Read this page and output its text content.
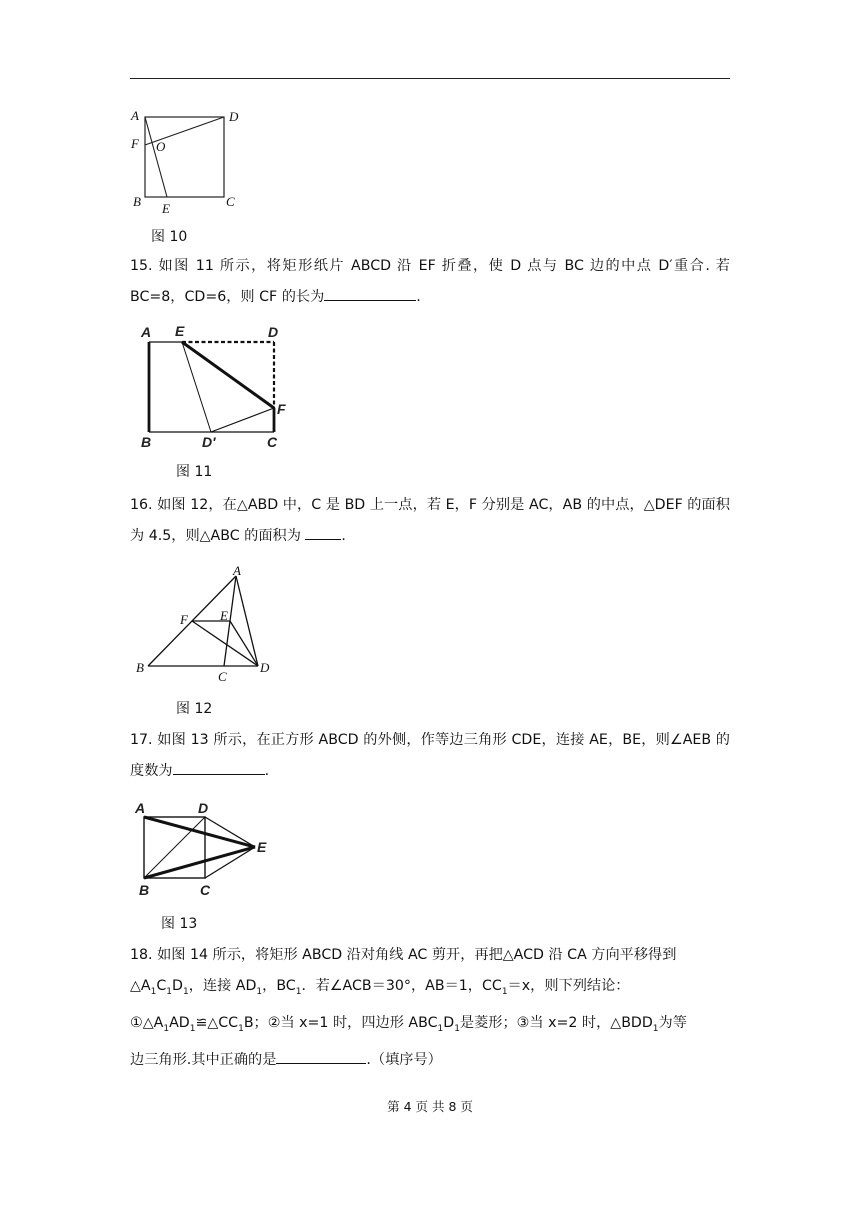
A	D
F O
B E	C
图 10
15. 如图 11 所示，将矩形纸片 ABCD 沿 EF 折叠，使 D 点与 BC 边的中点 D′重合. 若 BC=8，CD=6，则 CF 的长为	.
A E	D
F
B	D′	C
图 11
16. 如图 12，在△ABD 中，C 是 BD 上一点，若 E，F 分别是 AC，AB 的中点，△DEF 的面积为 4.5，则△ABC 的面积为	.
A
F E
B
C
D
图 12
17. 如图 13 所示，在正方形 ABCD 的外侧，作等边三角形 CDE，连接 AE，BE，则∠AEB 的度数为	.
A	D
E
B	C
图 13
18. 如图 14 所示，将矩形 ABCD 沿对角线 AC 剪开，再把△ACD 沿 CA 方向平移得到
$\triangle A_1C_1D_1$，连接 $AD_1$，$BC_1$．若∠ACB＝30°，AB＝1，$CC_1=x$，则下列结论：
$①\triangle A_1AD_1≌\triangle CC_1B$；②当 x=1 时，四边形 $ABC_1D_1$是菱形；③当 x=2 时，$\triangle BDD_1$为等
边三角形.其中正确的是	.（填序号）
第 4 页 共 8 页
